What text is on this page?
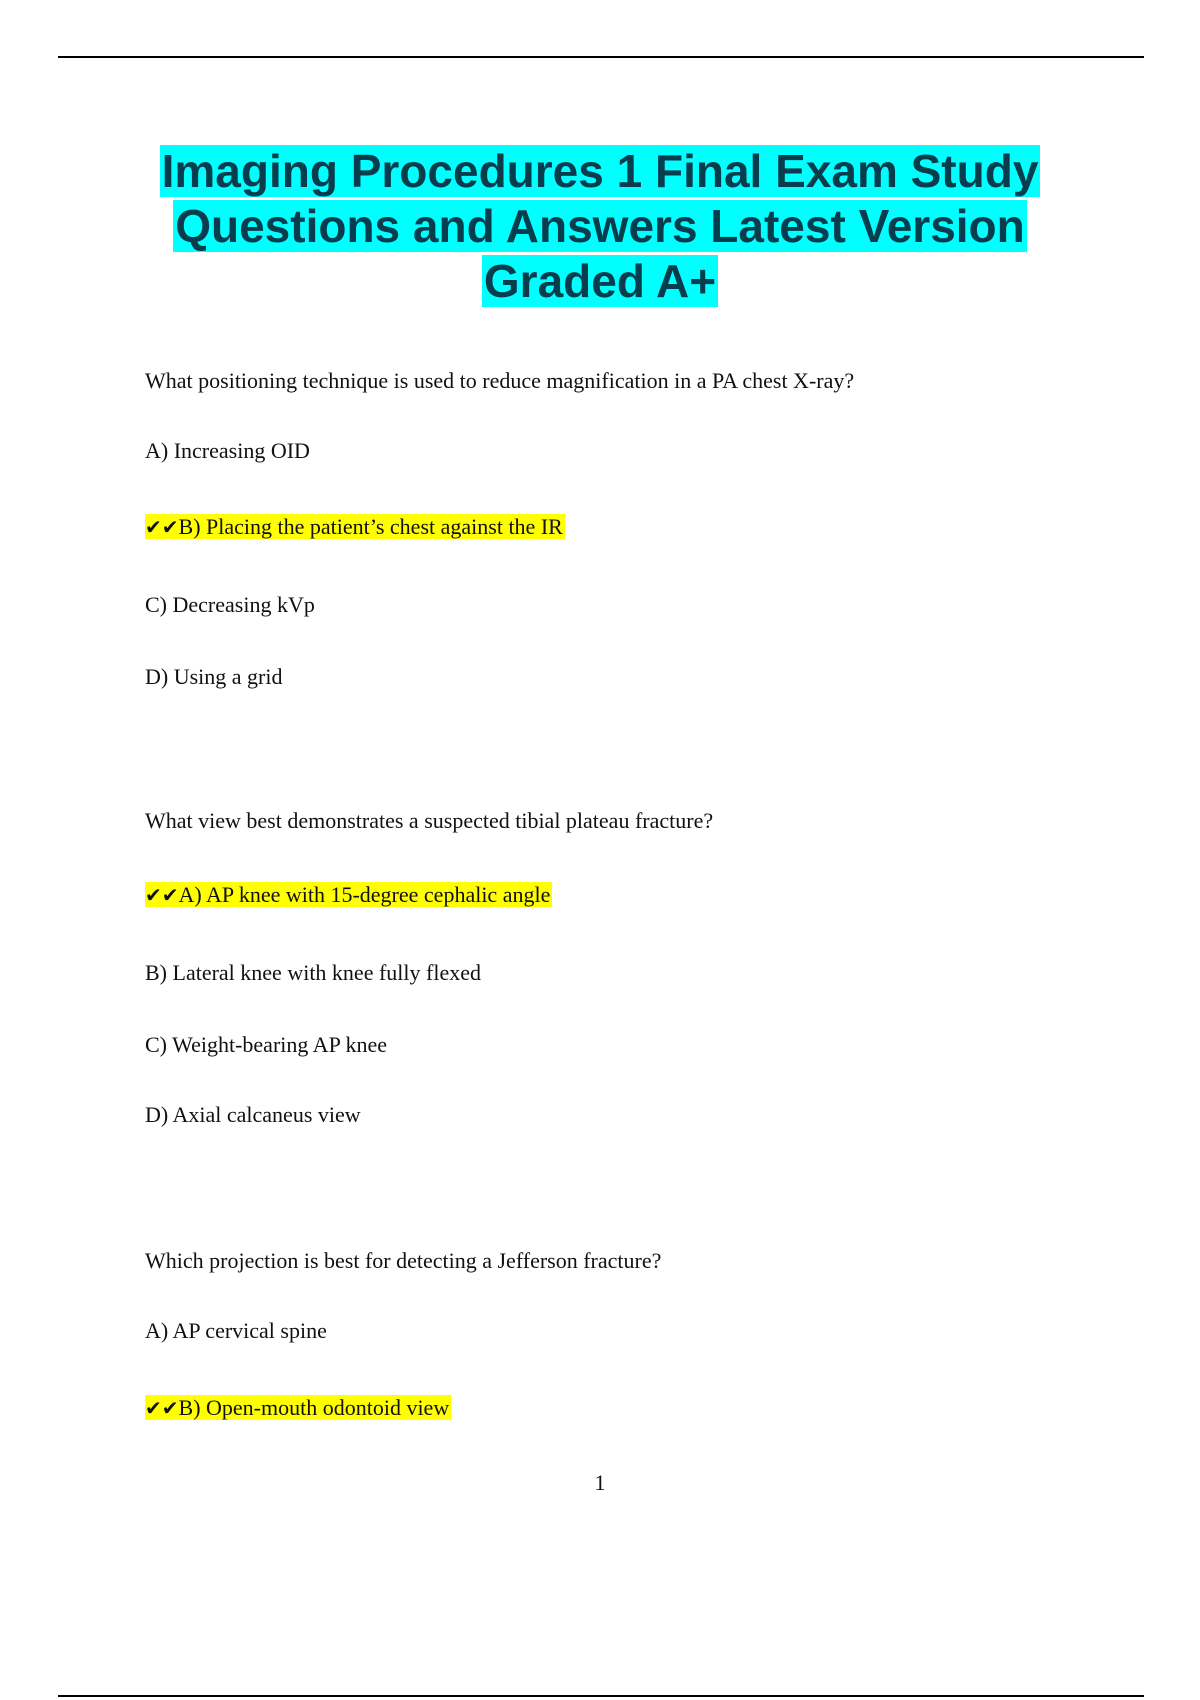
Imaging Procedures 1 Final Exam Study
Questions and Answers Latest Version
Graded A+
What positioning technique is used to reduce magnification in a PA chest X-ray?
A) Increasing OID
✔✔B) Placing the patient’s chest against the IR
C) Decreasing kVp
D) Using a grid
What view best demonstrates a suspected tibial plateau fracture?
✔✔A) AP knee with 15-degree cephalic angle
B) Lateral knee with knee fully flexed
C) Weight-bearing AP knee
D) Axial calcaneus view
Which projection is best for detecting a Jefferson fracture?
A) AP cervical spine
✔✔B) Open-mouth odontoid view
1
